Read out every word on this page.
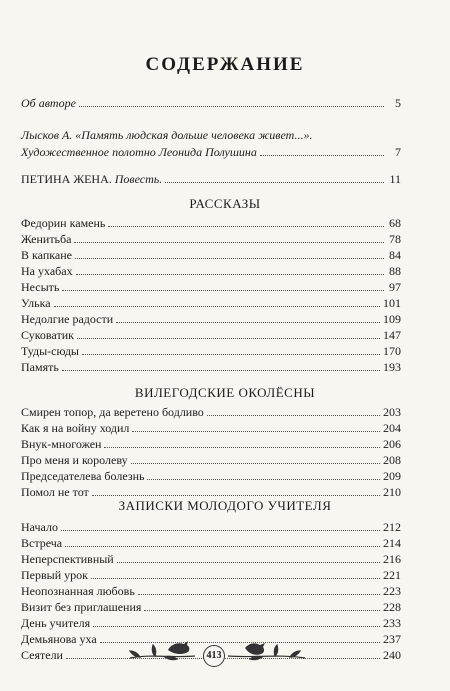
СОДЕРЖАНИЕ
Об авторе	5
Лысков А. «Память людская дольше человека живет...».
Художественное полотно Леонида Полушина	7
ПЕТИНА ЖЕНА. Повесть.	11
РАССКАЗЫ
Федорин камень	68
Женитьба	78
В капкане	84
На ухабах	88
Несыть	97
Улька	101
Недолгие радости	109
Суковатик	147
Туды-сюды	170
Память	193
ВИЛЕГОДСКИЕ ОКОЛЁСНЫ
Смирен топор, да веретено бодливо	203
Как я на войну ходил	204
Внук-многожен	206
Про меня и королеву	208
Председателева болезнь	209
Помол не тот	210
ЗАПИСКИ МОЛОДОГО УЧИТЕЛЯ
Начало	212
Встреча	214
Неперспективный	216
Первый урок	221
Неопознанная любовь	223
Визит без приглашения	228
День учителя	233
Демьянова уха	237
Сеятели	240
413
